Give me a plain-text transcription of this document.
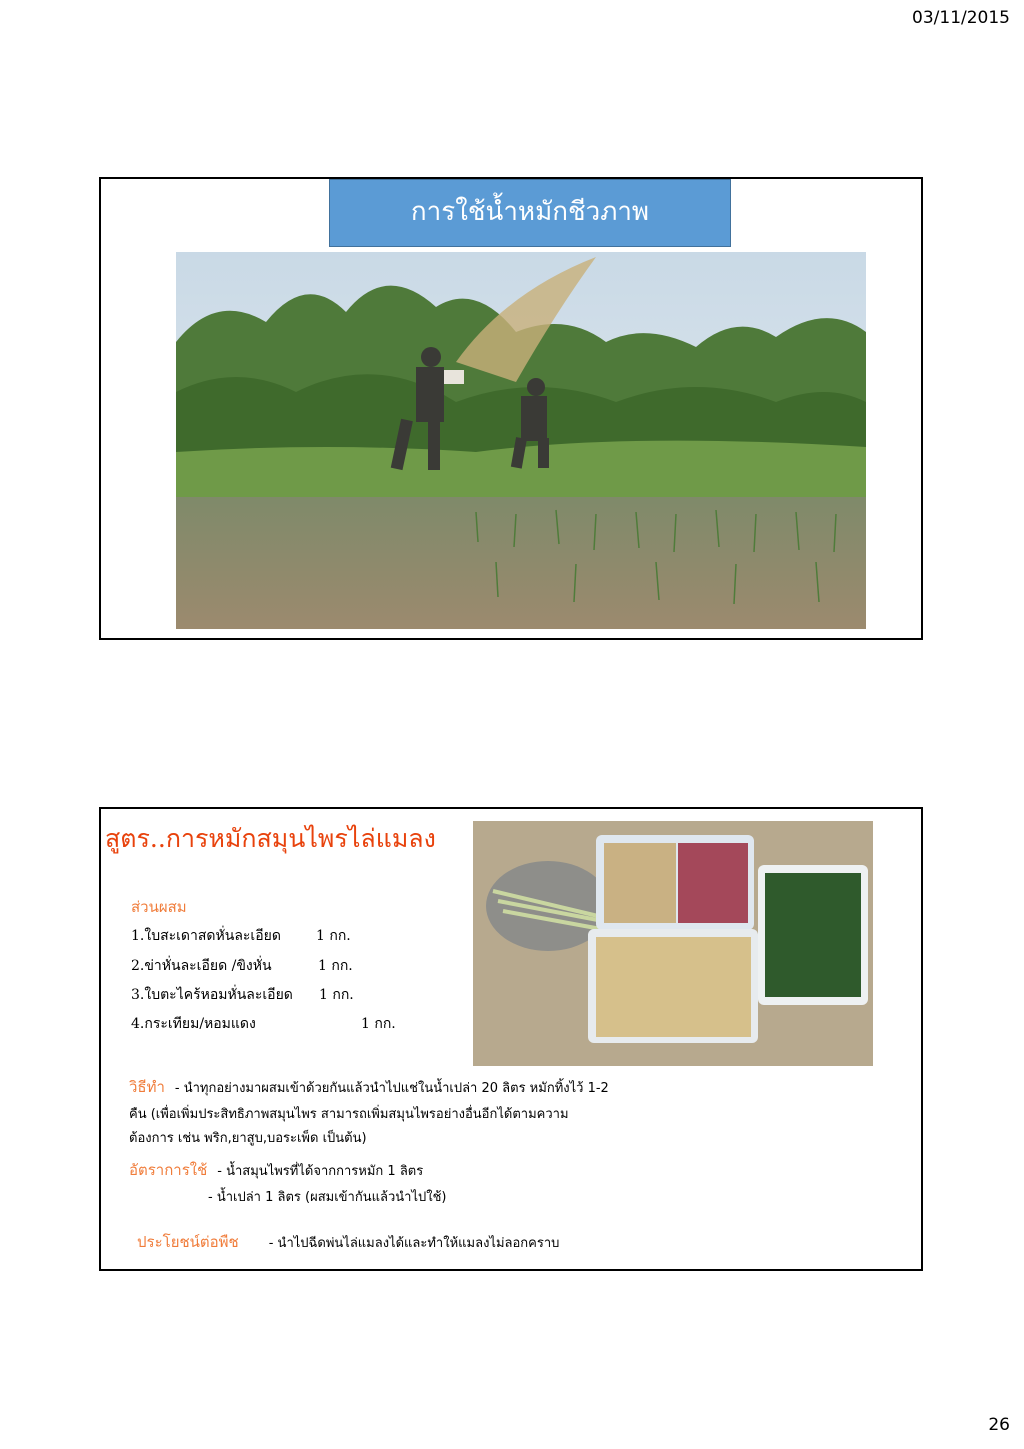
03/11/2015
การใช้น้ำหมักชีวภาพ
สูตร..การหมักสมุนไพรไล่แมลง
ส่วนผสม
1.ใบสะเดาสดหั่นละเอียด	1 กก.
2.ข่าหั่นละเอียด /ขิงหั่น	1 กก.
3.ใบตะไคร้หอมหั่นละเอียด 1 กก.
4.กระเทียม/หอมแดง	1 กก.
วิธีทำ - นำทุกอย่างมาผสมเข้าด้วยกันแล้วนำไปแช่ในน้ำเปล่า 20 ลิตร หมักทิ้งไว้ 1-2
คืน (เพื่อเพิ่มประสิทธิภาพสมุนไพร สามารถเพิ่มสมุนไพรอย่างอื่นอีกได้ตามความ
ต้องการ เช่น พริก,ยาสูบ,บอระเพ็ด เป็นต้น)
อัตราการใช้ - น้ำสมุนไพรที่ได้จากการหมัก 1 ลิตร
- น้ำเปล่า 1 ลิตร (ผสมเข้ากันแล้วนำไปใช้)
ประโยชน์ต่อพืช - นำไปฉีดพ่นไล่แมลงได้และทำให้แมลงไม่ลอกคราบ
26
